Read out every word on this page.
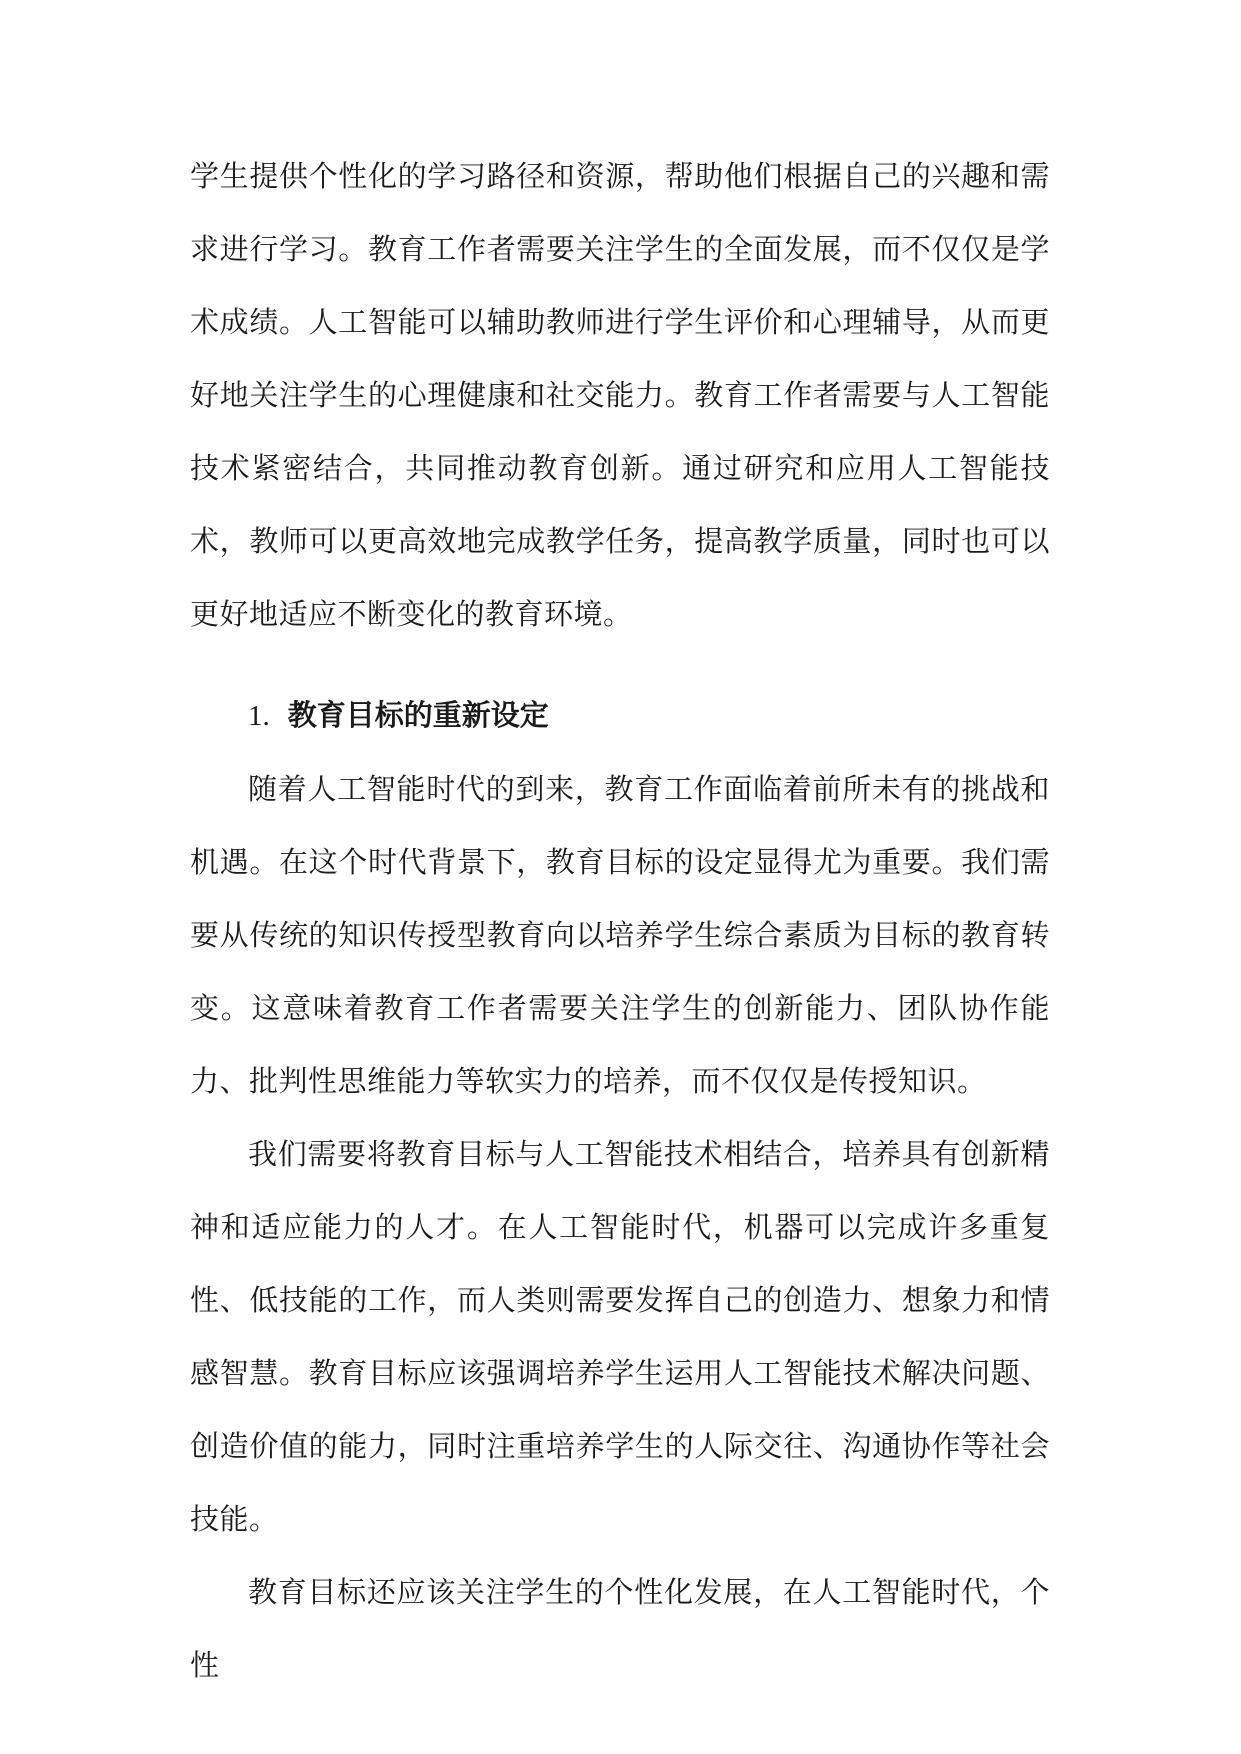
学生提供个性化的学习路径和资源，帮助他们根据自己的兴趣和需求进行学习。教育工作者需要关注学生的全面发展，而不仅仅是学术成绩。人工智能可以辅助教师进行学生评价和心理辅导，从而更好地关注学生的心理健康和社交能力。教育工作者需要与人工智能技术紧密结合，共同推动教育创新。通过研究和应用人工智能技术，教师可以更高效地完成教学任务，提高教学质量，同时也可以更好地适应不断变化的教育环境。

1. 教育目标的重新设定

随着人工智能时代的到来，教育工作面临着前所未有的挑战和机遇。在这个时代背景下，教育目标的设定显得尤为重要。我们需要从传统的知识传授型教育向以培养学生综合素质为目标的教育转变。这意味着教育工作者需要关注学生的创新能力、团队协作能力、批判性思维能力等软实力的培养，而不仅仅是传授知识。

我们需要将教育目标与人工智能技术相结合，培养具有创新精神和适应能力的人才。在人工智能时代，机器可以完成许多重复性、低技能的工作，而人类则需要发挥自己的创造力、想象力和情感智慧。教育目标应该强调培养学生运用人工智能技术解决问题、创造价值的能力，同时注重培养学生的人际交往、沟通协作等社会技能。

教育目标还应该关注学生的个性化发展，在人工智能时代，个性
